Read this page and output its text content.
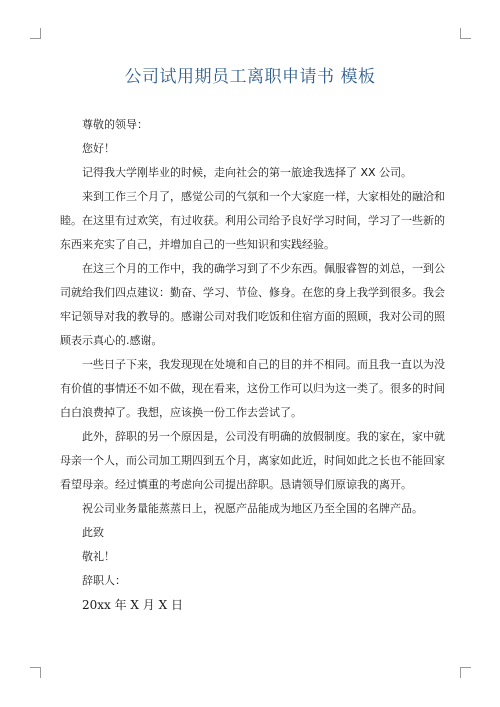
公司试用期员工离职申请书 模板

尊敬的领导：

您好！

记得我大学刚毕业的时候，走向社会的第一旅途我选择了 XX 公司。

来到工作三个月了，感觉公司的气氛和一个大家庭一样，大家相处的融洽和睦。在这里有过欢笑，有过收获。利用公司给予良好学习时间，学习了一些新的东西来充实了自己，并增加自己的一些知识和实践经验。

在这三个月的工作中，我的确学习到了不少东西。佩服睿智的刘总，一到公司就给我们四点建议：勤奋、学习、节俭、修身。在您的身上我学到很多。我会牢记领导对我的教导的。感谢公司对我们吃饭和住宿方面的照顾，我对公司的照顾表示真心的.感谢。

一些日子下来，我发现现在处境和自己的目的并不相同。而且我一直以为没有价值的事情还不如不做，现在看来，这份工作可以归为这一类了。很多的时间白白浪费掉了。我想，应该换一份工作去尝试了。

此外，辞职的另一个原因是，公司没有明确的放假制度。我的家在，家中就母亲一个人，而公司加工期四到五个月，离家如此近，时间如此之长也不能回家看望母亲。经过慎重的考虑向公司提出辞职。恳请领导们原谅我的离开。

祝公司业务量能蒸蒸日上，祝愿产品能成为地区乃至全国的名牌产品。

此致

敬礼！

辞职人：

20xx 年 X 月 X 日
